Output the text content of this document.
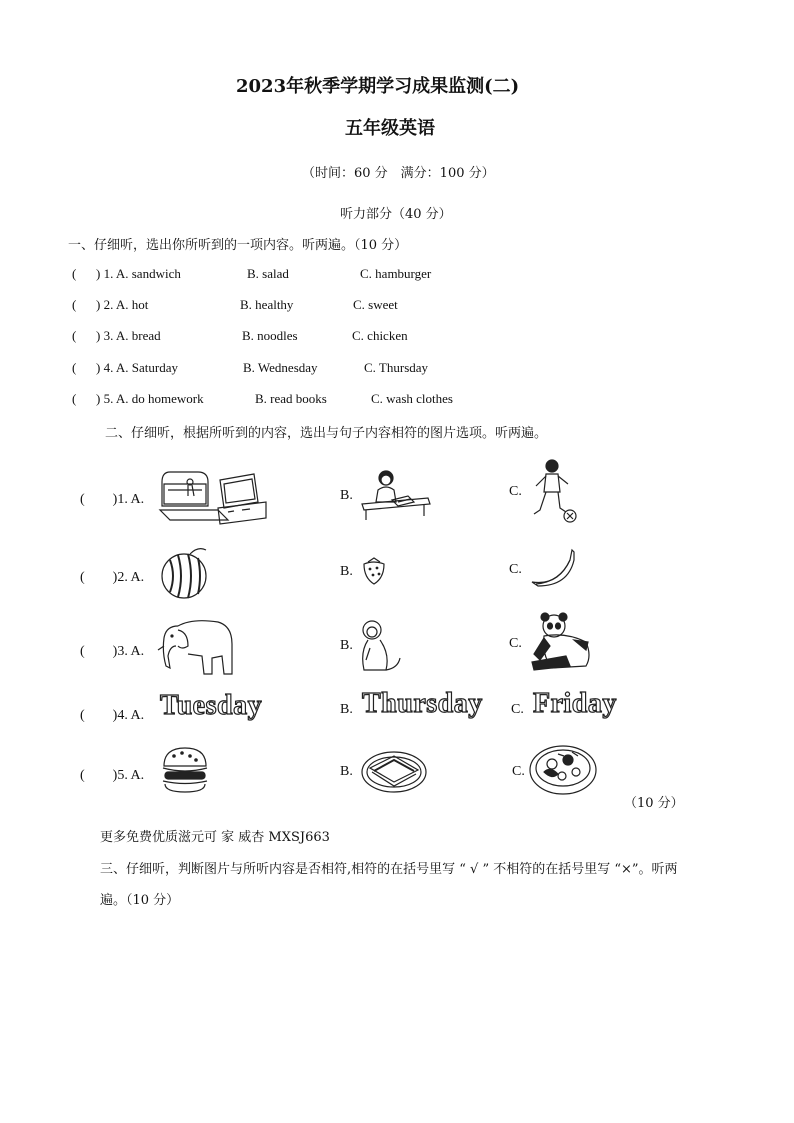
2023年秋季学期学习成果监测(二)
五年级英语
（时间：60 分　满分：100 分）
听力部分（40 分）
一、仔细听，选出你所听到的一项内容。听两遍。（10 分）
( ) 1. A. sandwich	B. salad	C. hamburger
( ) 2. A. hot	B. healthy	C. sweet
( ) 3. A. bread	B. noodles	C. chicken
( ) 4. A. Saturday	B. Wednesday	C. Thursday
( ) 5. A. do homework	B. read books	C. wash clothes
二、仔细听，根据所听到的内容，选出与句子内容相符的图片选项。听两遍。
(　　)1. A.	B.	C.
(　　)2. A.	B.	C.
(　　)3. A.	B.	C.
(　　)4. A. Tuesday	B. Thursday C. Friday
(　　)5. A.	B.	C.
（10 分）
更多免费优质滋元可 家 威杏 MXSJ663
三、仔细听，判断图片与所听内容是否相符,相符的在括号里写 “ √ ” 不相符的在括号里写 “×”。听两
遍。（10 分）
